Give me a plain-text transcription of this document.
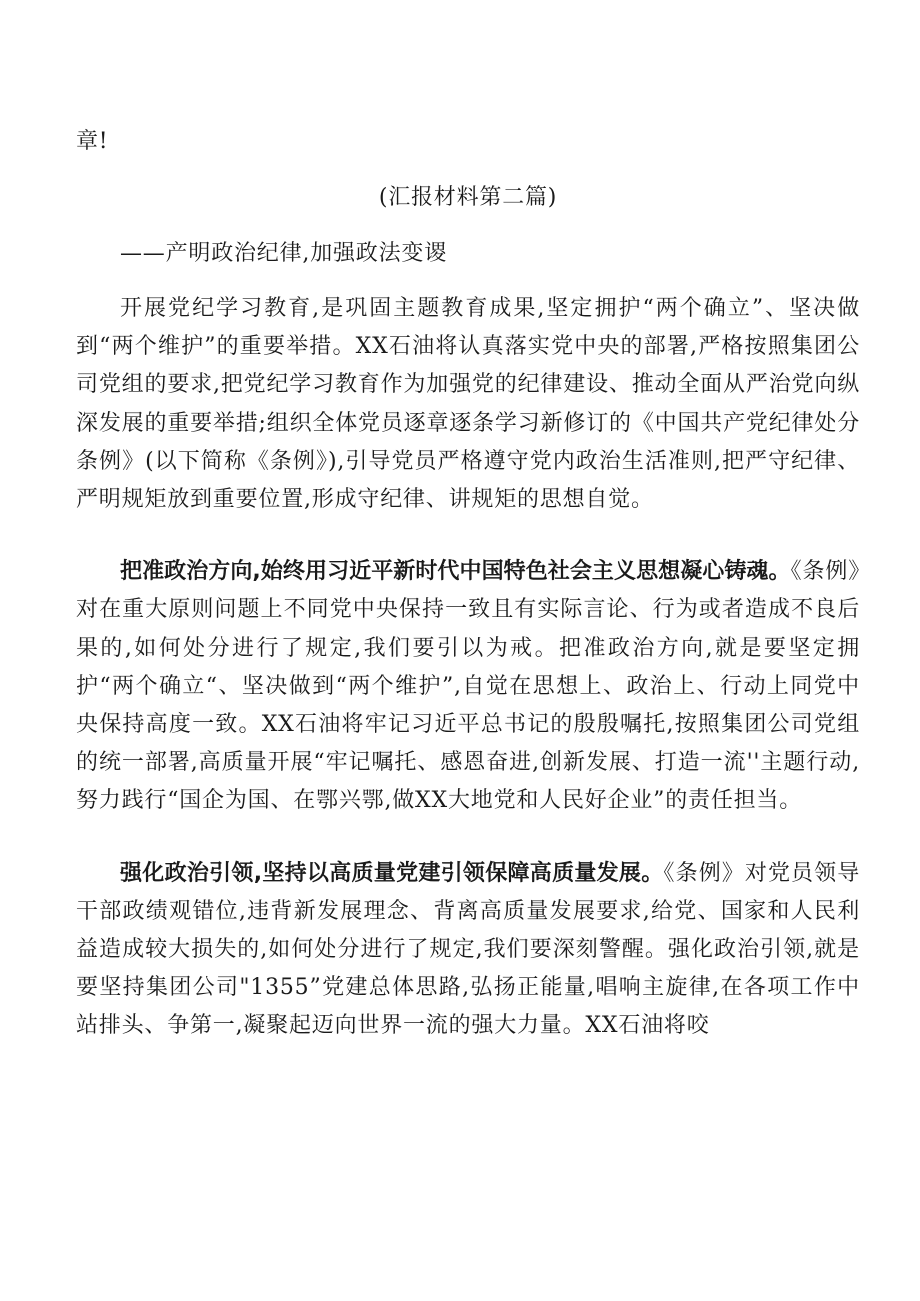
章!
(汇报材料第二篇)
——产明政治纪律,加强政法变谡

开展党纪学习教育,是巩固主题教育成果,坚定拥护“两个确立”、坚决做到“两个维护”的重要举措。XX石油将认真落实党中央的部署,严格按照集团公司党组的要求,把党纪学习教育作为加强党的纪律建设、推动全面从严治党向纵深发展的重要举措;组织全体党员逐章逐条学习新修订的《中国共产党纪律处分条例》(以下简称《条例》),引导党员严格遵守党内政治生活准则,把严守纪律、严明规矩放到重要位置,形成守纪律、讲规矩的思想自觉。

把准政治方向,始终用习近平新时代中国特色社会主义思想凝心铸魂。《条例》对在重大原则问题上不同党中央保持一致且有实际言论、行为或者造成不良后果的,如何处分进行了规定,我们要引以为戒。把准政治方向,就是要坚定拥护“两个确立“、坚决做到“两个维护”,自觉在思想上、政治上、行动上同党中央保持高度一致。XX石油将牢记习近平总书记的殷殷嘱托,按照集团公司党组的统一部署,高质量开展“牢记嘱托、感恩奋进,创新发展、打造一流''主题行动,努力践行“国企为国、在鄂兴鄂,做XX大地党和人民好企业”的责任担当。

强化政治引领,坚持以高质量党建引领保障高质量发展。《条例》对党员领导干部政绩观错位,违背新发展理念、背离高质量发展要求,给党、国家和人民利益造成较大损失的,如何处分进行了规定,我们要深刻警醒。强化政治引领,就是要坚持集团公司"1355”党建总体思路,弘扬正能量,唱响主旋律,在各项工作中站排头、争第一,凝聚起迈向世界一流的强大力量。XX石油将咬
